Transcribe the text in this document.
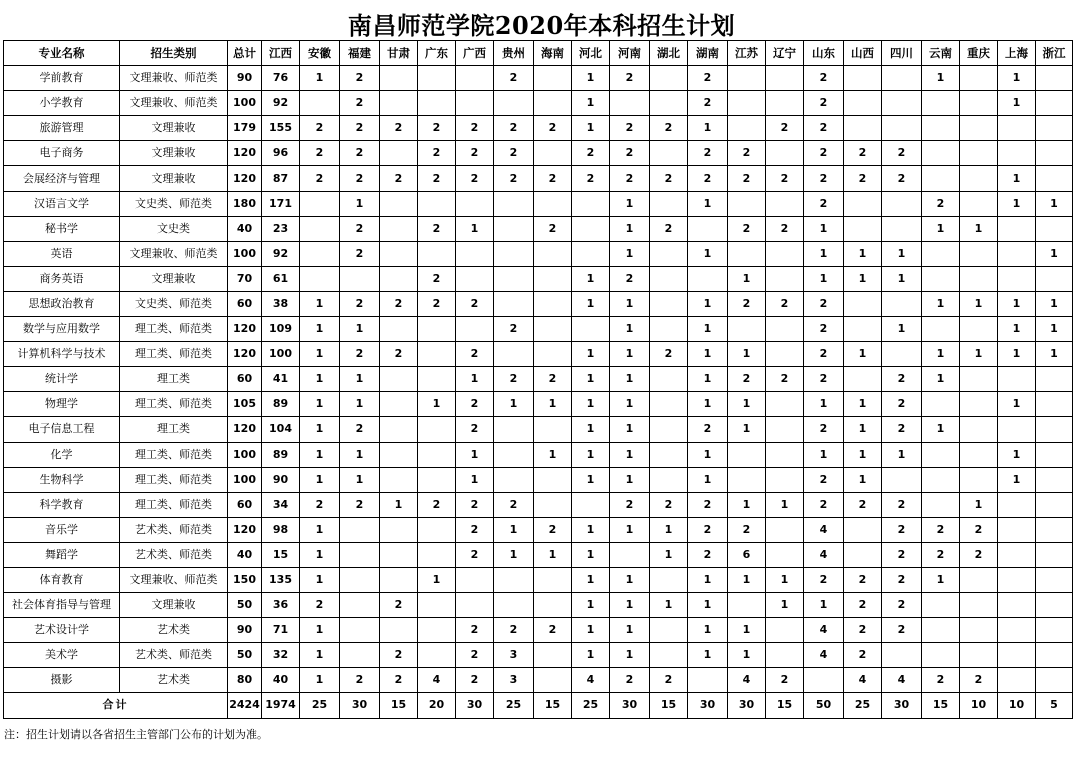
南昌师范学院2020年本科招生计划
专业名称	招生类别	总计	江西	安徽	福建	甘肃	广东	广西	贵州	海南	河北	河南	湖北	湖南	江苏	辽宁	山东	山西	四川	云南	重庆	上海	浙江
学前教育	文理兼收、师范类	90	76	1	2				2		1	2		2			2			1		1	
小学教育	文理兼收、师范类	100	92		2						1			2			2					1	
旅游管理	文理兼收	179	155	2	2	2	2	2	2	2	1	2	2	1		2	2						
电子商务	文理兼收	120	96	2	2		2	2	2		2	2		2	2		2	2	2				
会展经济与管理	文理兼收	120	87	2	2	2	2	2	2	2	2	2	2	2	2	2	2	2	2			1	
汉语言文学	文史类、师范类	180	171		1							1		1			2			2		1	1
秘书学	文史类	40	23		2		2	1		2		1	2		2	2	1			1	1		
英语	文理兼收、师范类	100	92		2							1		1			1	1	1				1
商务英语	文理兼收	70	61				2				1	2			1		1	1	1				
思想政治教育	文史类、师范类	60	38	1	2	2	2	2			1	1		1	2	2	2			1	1	1	1
数学与应用数学	理工类、师范类	120	109	1	1				2			1		1			2		1			1	1
计算机科学与技术	理工类、师范类	120	100	1	2	2		2			1	1	2	1	1		2	1		1	1	1	1
统计学	理工类	60	41	1	1			1	2	2	1	1		1	2	2	2		2	1			
物理学	理工类、师范类	105	89	1	1		1	2	1	1	1	1		1	1		1	1	2			1	
电子信息工程	理工类	120	104	1	2			2			1	1		2	1		2	1	2	1			
化学	理工类、师范类	100	89	1	1			1		1	1	1		1			1	1	1			1	
生物科学	理工类、师范类	100	90	1	1			1			1	1		1			2	1				1	
科学教育	理工类、师范类	60	34	2	2	1	2	2	2			2	2	2	1	1	2	2	2		1		
音乐学	艺术类、师范类	120	98	1				2	1	2	1	1	1	2	2		4		2	2	2		
舞蹈学	艺术类、师范类	40	15	1				2	1	1	1		1	2	6		4		2	2	2		
体育教育	文理兼收、师范类	150	135	1			1				1	1		1	1	1	2	2	2	1			
社会体育指导与管理	文理兼收	50	36	2		2					1	1	1	1		1	1	2	2				
艺术设计学	艺术类	90	71	1				2	2	2	1	1		1	1		4	2	2				
美术学	艺术类、师范类	50	32	1		2		2	3		1	1		1	1		4	2					
摄影	艺术类	80	40	1	2	2	4	2	3		4	2	2		4	2		4	4	2	2		
合计		2424	1974	25	30	15	20	30	25	15	25	30	15	30	30	15	50	25	30	15	10	10	5
注：招生计划请以各省招生主管部门公布的计划为准。
